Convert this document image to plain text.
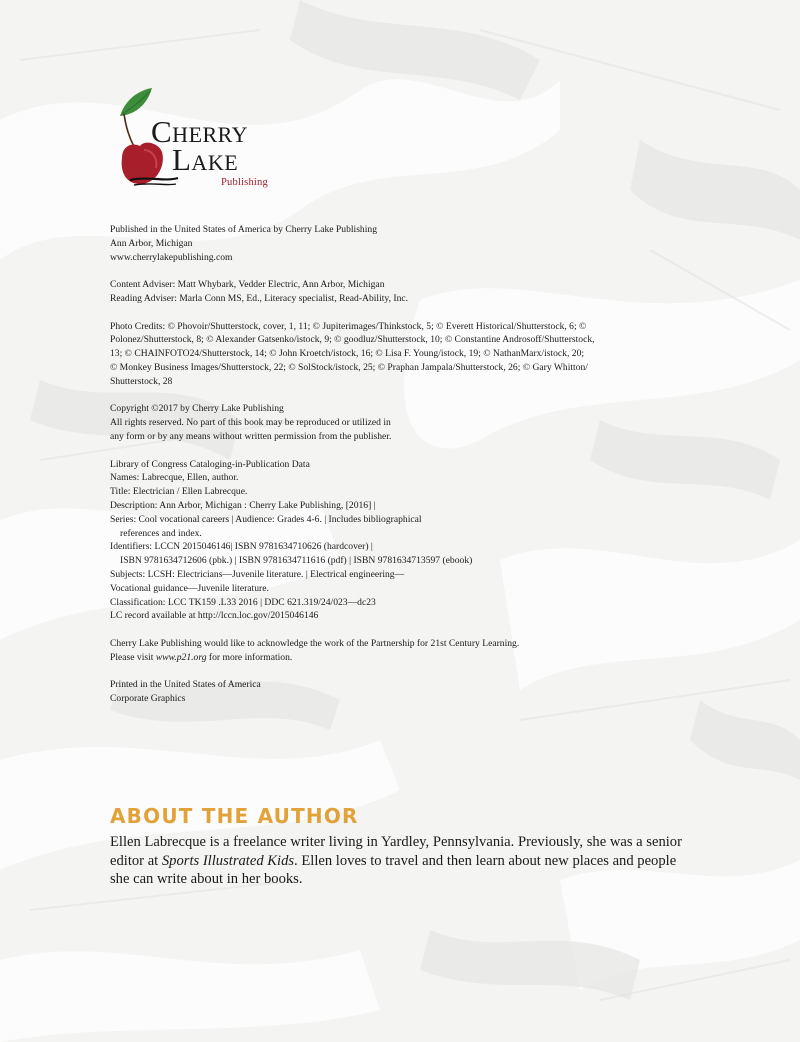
Cherry
Lake
Publishing

Published in the United States of America by Cherry Lake Publishing
Ann Arbor, Michigan
www.cherrylakepublishing.com

Content Adviser: Matt Whybark, Vedder Electric, Ann Arbor, Michigan
Reading Adviser: Marla Conn MS, Ed., Literacy specialist, Read-Ability, Inc.

Photo Credits: © Phovoir/Shutterstock, cover, 1, 11; © Jupiterimages/Thinkstock, 5; © Everett Historical/Shutterstock, 6; ©
Polonez/Shutterstock, 8; © Alexander Gatsenko/istock, 9; © goodluz/Shutterstock, 10; © Constantine Androsoff/Shutterstock,
13; © CHAINFOTO24/Shutterstock, 14; © John Kroetch/istock, 16; © Lisa F. Young/istock, 19; © NathanMarx/istock, 20;
© Monkey Business Images/Shutterstock, 22; © SolStock/istock, 25; © Praphan Jampala/Shutterstock, 26; © Gary Whitton/
Shutterstock, 28

Copyright ©2017 by Cherry Lake Publishing
All rights reserved. No part of this book may be reproduced or utilized in
any form or by any means without written permission from the publisher.

Library of Congress Cataloging-in-Publication Data
Names: Labrecque, Ellen, author.
Title: Electrician / Ellen Labrecque.
Description: Ann Arbor, Michigan : Cherry Lake Publishing, [2016] |
Series: Cool vocational careers | Audience: Grades 4-6. | Includes bibliographical
references and index.
Identifiers: LCCN 2015046146| ISBN 9781634710626 (hardcover) |
ISBN 9781634712606 (pbk.) | ISBN 9781634711616 (pdf) | ISBN 9781634713597 (ebook)
Subjects: LCSH: Electricians—Juvenile literature. | Electrical engineering—
Vocational guidance—Juvenile literature.
Classification: LCC TK159 .L33 2016 | DDC 621.319/24/023—dc23
LC record available at http://lccn.loc.gov/2015046146

Cherry Lake Publishing would like to acknowledge the work of the Partnership for 21st Century Learning.
Please visit www.p21.org for more information.

Printed in the United States of America
Corporate Graphics

ABOUT THE AUTHOR
Ellen Labrecque is a freelance writer living in Yardley, Pennsylvania. Previously, she was a senior
editor at Sports Illustrated Kids. Ellen loves to travel and then learn about new places and people
she can write about in her books.
